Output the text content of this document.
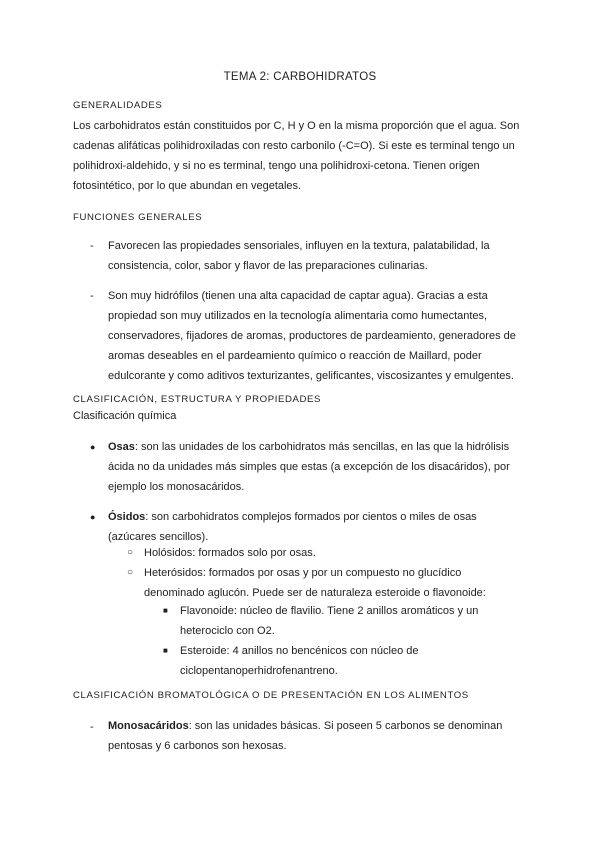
TEMA 2: CARBOHIDRATOS
GENERALIDADES
Los carbohidratos están constituidos por C, H y O en la misma proporción que el agua. Son
cadenas alifáticas polihidroxiladas con resto carbonilo (-C=O). Si este es terminal tengo un
polihidroxi-aldehido, y si no es terminal, tengo una polihidroxi-cetona. Tienen origen
fotosintético, por lo que abundan en vegetales.
FUNCIONES GENERALES
- Favorecen las propiedades sensoriales, influyen en la textura, palatabilidad, la
consistencia, color, sabor y flavor de las preparaciones culinarias.
- Son muy hidrófilos (tienen una alta capacidad de captar agua). Gracias a esta
propiedad son muy utilizados en la tecnología alimentaria como humectantes,
conservadores, fijadores de aromas, productores de pardeamiento, generadores de
aromas deseables en el pardeamiento químico o reacción de Maillard, poder
edulcorante y como aditivos texturizantes, gelificantes, viscosizantes y emulgentes.
CLASIFICACIÓN, ESTRUCTURA Y PROPIEDADES
Clasificación química
● Osas: son las unidades de los carbohidratos más sencillas, en las que la hidrólisis
ácida no da unidades más simples que estas (a excepción de los disacáridos), por
ejemplo los monosacáridos.
● Ósidos: son carbohidratos complejos formados por cientos o miles de osas
(azúcares sencillos).
○ Holósidos: formados solo por osas.
○ Heterósidos: formados por osas y por un compuesto no glucídico
denominado aglucón. Puede ser de naturaleza esteroide o flavonoide:
■ Flavonoide: núcleo de flavilio. Tiene 2 anillos aromáticos y un
heterociclo con O2.
■ Esteroide: 4 anillos no bencénicos con núcleo de
ciclopentanoperhidrofenantreno.
CLASIFICACIÓN BROMATOLÓGICA O DE PRESENTACIÓN EN LOS ALIMENTOS
- Monosacáridos: son las unidades básicas. Si poseen 5 carbonos se denominan
pentosas y 6 carbonos son hexosas.
